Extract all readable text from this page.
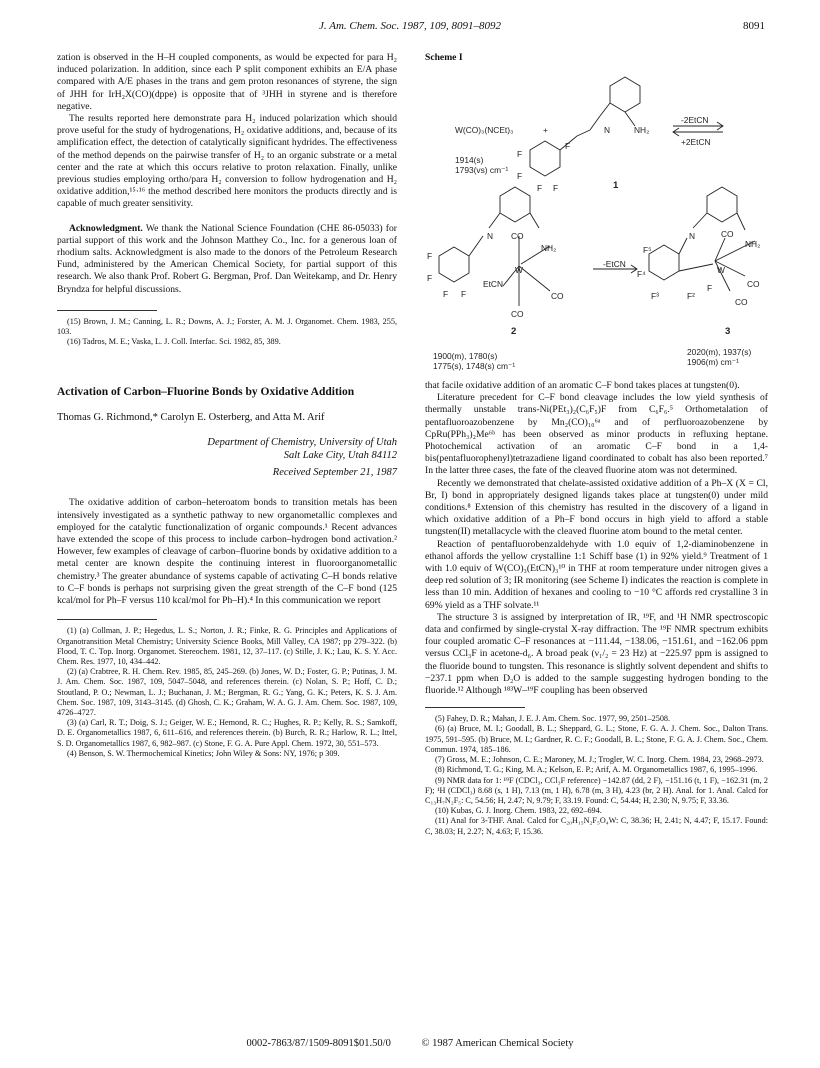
J. Am. Chem. Soc. 1987, 109, 8091–8092	8091

zation is observed in the H–H coupled components, as would be expected for para H₂ induced polarization. In addition, since each P split component exhibits an E/A phase compared with A/E phases in the trans and gem proton resonances of styrene, the sign of JHH for IrH₂X(CO)(dppe) is opposite that of ³JHH in styrene and is therefore negative.

The results reported here demonstrate para H₂ induced polarization which should prove useful for the study of hydrogenations, H₂ oxidative additions, and, because of its amplification effect, the detection of catalytically significant hydrides. The effectiveness of the method depends on the pairwise transfer of H₂ to an organic substrate or a metal center and the rate at which this occurs relative to proton relaxation. Finally, unlike previous studies employing ortho/para H₂ conversion to follow hydrogenation and H₂ oxidative addition,¹⁵·¹⁶ the method described here monitors the products directly and is capable of much greater sensitivity.

Acknowledgment. We thank the National Science Foundation (CHE 86-05033) for partial support of this work and the Johnson Matthey Co., Inc. for a generous loan of rhodium salts. Acknowledgment is also made to the donors of the Petroleum Research Fund, administered by the American Chemical Society, for partial support of this research. We also thank Prof. Robert G. Bergman, Prof. Dan Weitekamp, and Dr. Henry Bryndza for helpful discussions.

(15) Brown, J. M.; Canning, L. R.; Downs, A. J.; Forster, A. M. J. Organomet. Chem. 1983, 255, 103.

(16) Tadros, M. E.; Vaska, L. J. Coll. Interfac. Sci. 1982, 85, 389.

Activation of Carbon–Fluorine Bonds by Oxidative Addition
Thomas G. Richmond,* Carolyn E. Osterberg, and Atta M. Arif
Department of Chemistry, University of Utah
Salt Lake City, Utah 84112
Received September 21, 1987

The oxidative addition of carbon–heteroatom bonds to transition metals has been intensively investigated as a synthetic pathway to new organometallic complexes and employed for the catalytic functionalization of organic compounds.¹ Recent advances have extended the scope of this process to include carbon–hydrogen bond activation.² However, few examples of cleavage of carbon–fluorine bonds by oxidative addition to a metal center are known despite the continuing interest in fluoroorganometallic chemistry.³ The greater abundance of systems capable of activating C–H bonds relative to C–F bonds is perhaps not surprising given the great strength of the C–F bond (125 kcal/mol for Ph–F versus 110 kcal/mol for Ph–H).⁴ In this communication we report

(1) (a) Collman, J. P.; Hegedus, L. S.; Norton, J. R.; Finke, R. G. Principles and Applications of Organotransition Metal Chemistry; University Science Books, Mill Valley, CA 1987; pp 279–322. (b) Flood, T. C. Top. Inorg. Organomet. Stereochem. 1981, 12, 37–117. (c) Stille, J. K.; Lau, K. S. Y. Acc. Chem. Res. 1977, 10, 434–442.

(2) (a) Crabtree, R. H. Chem. Rev. 1985, 85, 245–269. (b) Jones, W. D.; Foster, G. P.; Putinas, J. M. J. Am. Chem. Soc. 1987, 109, 5047–5048, and references therein. (c) Nolan, S. P.; Hoff, C. D.; Stoutland, P. O.; Newman, L. J.; Buchanan, J. M.; Bergman, R. G.; Yang, G. K.; Peters, K. S. J. Am. Chem. Soc. 1987, 109, 3143–3145. (d) Ghosh, C. K.; Graham, W. A. G. J. Am. Chem. Soc. 1987, 109, 4726–4727.

(3) (a) Carl, R. T.; Doig, S. J.; Geiger, W. E.; Hemond, R. C.; Hughes, R. P.; Kelly, R. S.; Samkoff, D. E. Organometallics 1987, 6, 611–616, and references therein. (b) Burch, R. R.; Harlow, R. L.; Ittel, S. D. Organometallics 1987, 6, 982–987. (c) Stone, F. G. A. Pure Appl. Chem. 1972, 30, 551–573.

(4) Benson, S. W. Thermochemical Kinetics; John Wiley & Sons: NY, 1976; p 309.

Scheme I
W(CO)₃(NCEt)₃	+
1914(s)
1793(vs) cm⁻¹
N	NH₂
F
F
F
F F	1
-2EtCN
+2EtCN
N CO
NH₂
W
EtCN
CO
CO
F
F
F F
2
-EtCN
N	CO
NH₂
W
CO
CO
F⁵
F⁴
F³	F²
F
3
1900(m), 1780(s)
1775(s), 1748(s) cm⁻¹
2020(m), 1937(s)
1906(m) cm⁻¹

that facile oxidative addition of an aromatic C–F bond takes places at tungsten(0).

Literature precedent for C–F bond cleavage includes the low yield synthesis of thermally unstable trans-Ni(PEt₃)₂(C₆F₅)F from C₆F₆.⁵ Orthometalation of pentafluoroazobenzene by Mn₂(CO)₁₀⁶ᵃ and of perfluoroazobenzene by CpRu(PPh₃)₂Me⁶ᵇ has been observed as minor products in refluxing heptane. Photochemical activation of an aromatic C–F bond in a 1,4-bis(pentafluorophenyl)tetrazadiene ligand coordinated to cobalt has also been reported.⁷ In the latter three cases, the fate of the cleaved fluorine atom was not determined.

Recently we demonstrated that chelate-assisted oxidative addition of a Ph–X (X = Cl, Br, I) bond in appropriately designed ligands takes place at tungsten(0) under mild conditions.⁸ Extension of this chemistry has resulted in the discovery of a ligand in which oxidative addition of a Ph–F bond occurs in high yield to afford a stable tungsten(II) metallacycle with the cleaved fluorine atom bound to the metal center.

Reaction of pentafluorobenzaldehyde with 1.0 equiv of 1,2-diaminobenzene in ethanol affords the yellow crystalline 1:1 Schiff base (1) in 92% yield.⁹ Treatment of 1 with 1.0 equiv of W(CO)₃(EtCN)₃¹⁰ in THF at room temperature under nitrogen gives a deep red solution of 3; IR monitoring (see Scheme I) indicates the reaction is complete in less than 10 min. Addition of hexanes and cooling to −10 °C affords red crystalline 3 in 69% yield as a THF solvate.¹¹

The structure 3 is assigned by interpretation of IR, ¹⁹F, and ¹H NMR spectroscopic data and confirmed by single-crystal X-ray diffraction. The ¹⁹F NMR spectrum exhibits four coupled aromatic C–F resonances at −111.44, −138.06, −151.61, and −162.06 ppm versus CCl₃F in acetone-d₆. A broad peak (ν₁/₂ = 23 Hz) at −225.97 ppm is assigned to the fluoride bound to tungsten. This resonance is slightly solvent dependent and shifts to −237.1 ppm when D₂O is added to the sample suggesting hydrogen bonding to the fluoride.¹² Although ¹⁸³W–¹⁹F coupling has been observed

(5) Fahey, D. R.; Mahan, J. E. J. Am. Chem. Soc. 1977, 99, 2501–2508.

(6) (a) Bruce, M. I.; Goodall, B. L.; Sheppard, G. L.; Stone, F. G. A. J. Chem. Soc., Dalton Trans. 1975, 591–595. (b) Bruce, M. I.; Gardner, R. C. F.; Goodall, B. L.; Stone, F. G. A. J. Chem. Soc., Chem. Commun. 1974, 185–186.

(7) Gross, M. E.; Johnson, C. E.; Maroney, M. J.; Trogler, W. C. Inorg. Chem. 1984, 23, 2968–2973.

(8) Richmond, T. G.; King, M. A.; Kelson, E. P.; Arif, A. M. Organometallics 1987, 6, 1995–1996.

(9) NMR data for 1: ¹⁹F (CDCl₃, CCl₃F reference) −142.87 (dd, 2 F), −151.16 (t, 1 F), −162.31 (m, 2 F); ¹H (CDCl₃) 8.68 (s, 1 H), 7.13 (m, 1 H), 6.78 (m, 3 H), 4.23 (br, 2 H). Anal. for 1. Anal. Calcd for C₁₃H₇N₂F₅: C, 54.56; H, 2.47; N, 9.79; F, 33.19. Found: C, 54.44; H, 2.30; N, 9.75; F, 33.36.

(10) Kubas, G. J. Inorg. Chem. 1983, 22, 692–694.

(11) Anal for 3-THF. Anal. Calcd for C₂₀H₁₅N₂F₅O₄W: C, 38.36; H, 2.41; N, 4.47; F, 15.17. Found: C, 38.03; H, 2.27; N, 4.63; F, 15.36.

0002-7863/87/1509-8091$01.50/0	© 1987 American Chemical Society
